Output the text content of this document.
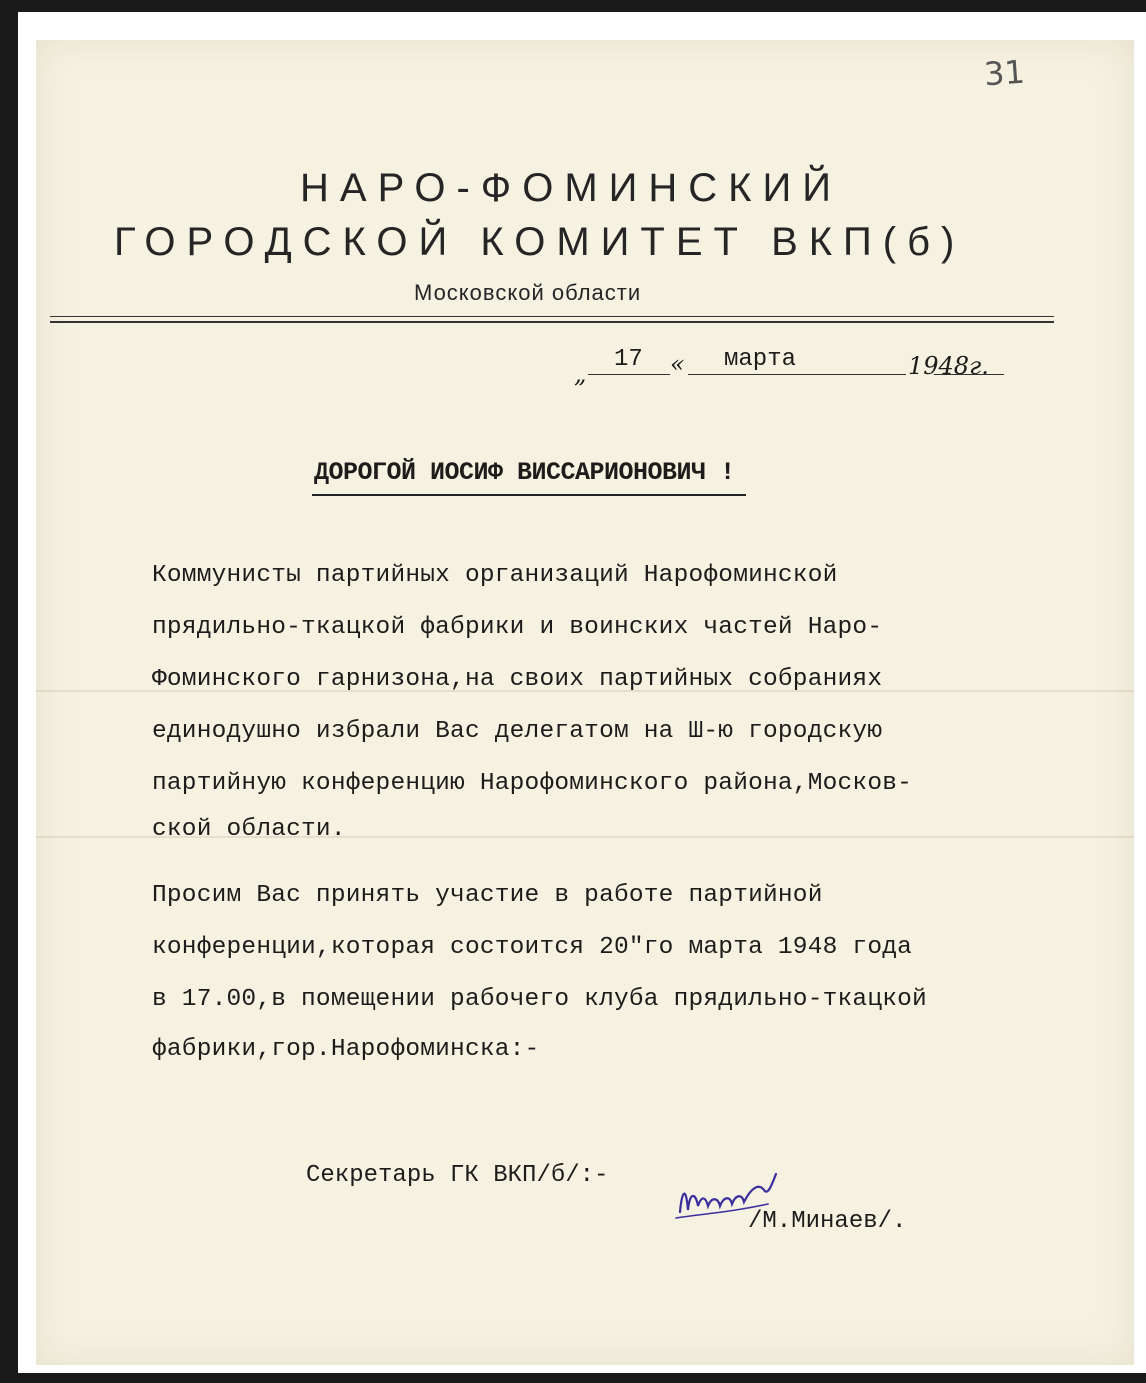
31
НАРО-ФОМИНСКИЙ
ГОРОДСКОЙ КОМИТЕТ ВКП(б)
Московской области
„
17 « марта	1948г.
ДОРОГОЙ ИОСИФ ВИССАРИОНОВИЧ !
Коммунисты партийных организаций Нарофоминской
прядильно-ткацкой фабрики и воинских частей Наро-
Фоминского гарнизона,на своих партийных собраниях
единодушно избрали Вас делегатом на Ш-ю городскую
партийную конференцию Нарофоминского района,Москов-
ской области.
Просим Вас принять участие в работе партийной
конференции,которая состоится 20"го марта 1948 года
в 17.00,в помещении рабочего клуба прядильно-ткацкой
фабрики,гор.Нарофоминска:-
Секретарь ГК ВКП/б/:-
/М.Минаев/.
